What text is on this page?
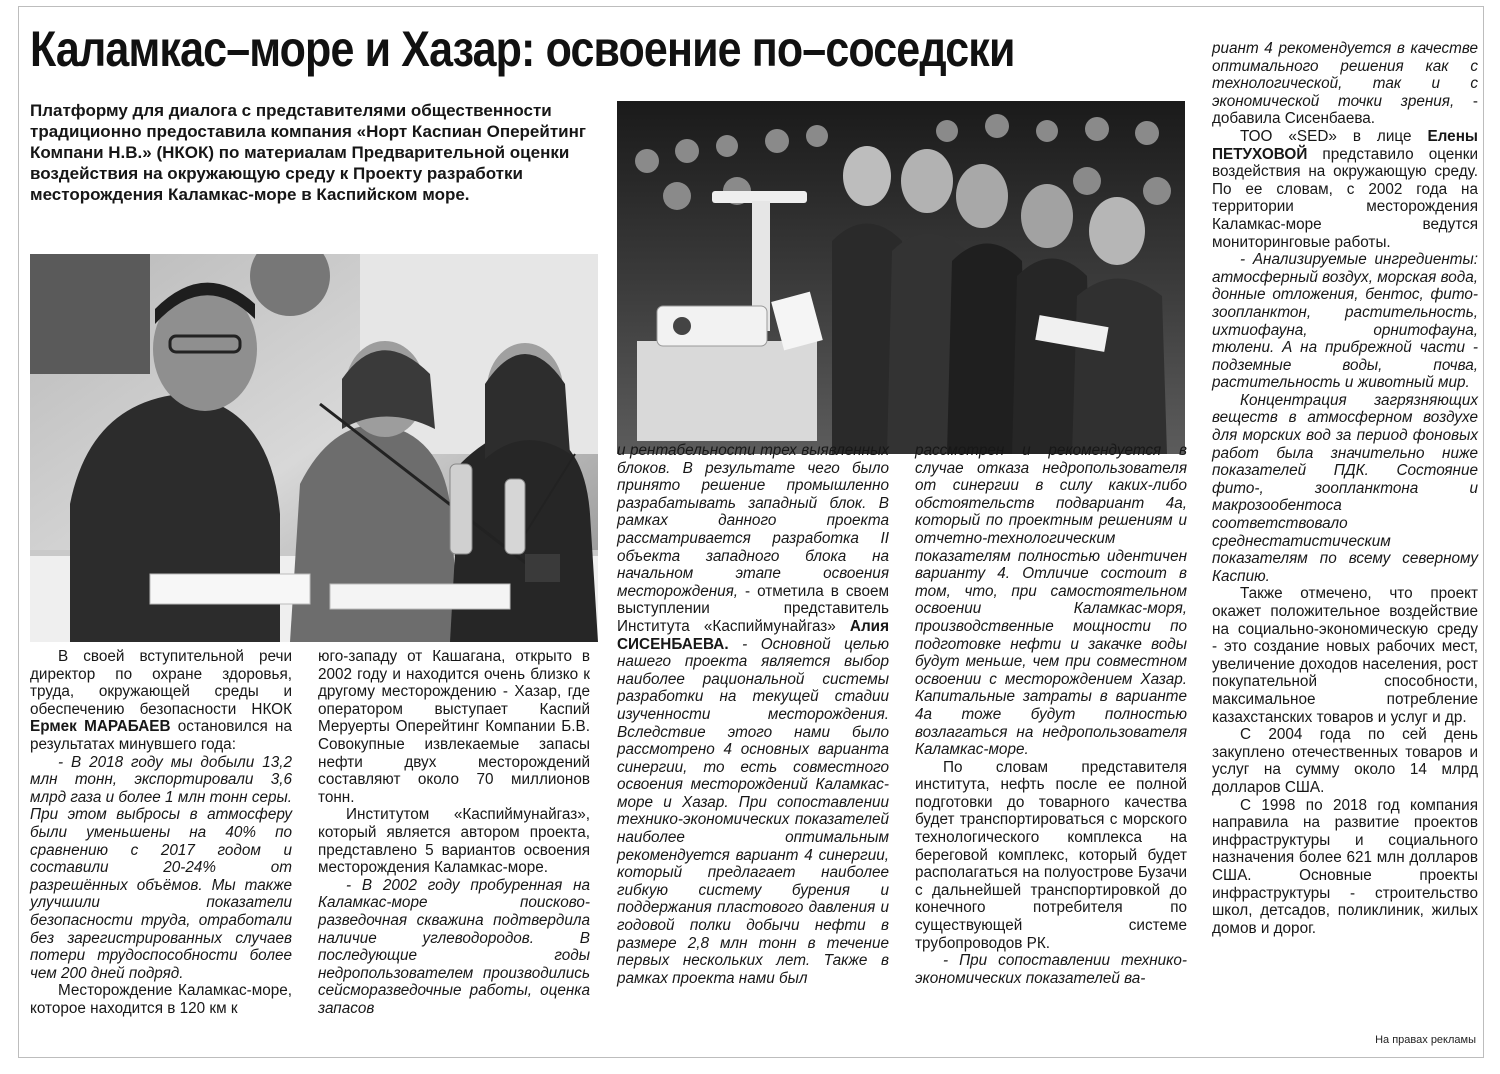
Каламкас–море и Хазар: освоение по–соседски
Платформу для диалога с представителями общественности традиционно предоставила компания «Норт Каспиан Оперейтинг Компани Н.В.» (НКОК) по материалам Предварительной оценки воздействия на окружающую среду к Проекту разработки месторождения Каламкас-море в Каспийском море.

В своей вступительной речи директор по охране здоровья, труда, окружающей среды и обеспечению безопасности НКОК Ермек МАРАБАЕВ остановился на результатах минувшего года:

- В 2018 году мы добыли 13,2 млн тонн, экспортировали 3,6 млрд газа и более 1 млн тонн серы. При этом выбросы в атмосферу были уменьшены на 40% по сравнению с 2017 годом и составили 20-24% от разрешённых объёмов. Мы также улучшили показатели безопасности труда, отработали без зарегистрированных случаев потери трудоспособности более чем 200 дней подряд.

Месторождение Каламкас-море, которое находится в 120 км к

юго-западу от Кашагана, открыто в 2002 году и находится очень близко к другому месторождению - Хазар, где оператором выступает Каспий Меруерты Оперейтинг Компании Б.В. Совокупные извлекаемые запасы нефти двух месторождений составляют около 70 миллионов тонн.

Институтом «Каспиймунайгаз», который является автором проекта, представлено 5 вариантов освоения месторождения Каламкас-море.

- В 2002 году пробуренная на Каламкас-море поисково-разведочная скважина подтвердила наличие углеводородов. В последующие годы недропользователем производились сейсморазведочные работы, оценка запасов

и рентабельности трех выявленных блоков. В результате чего было принято решение промышленно разрабатывать западный блок. В рамках данного проекта рассматривается разработка II объекта западного блока на начальном этапе освоения месторождения, - отметила в своем выступлении представитель Института «Каспиймунайгаз» Алия СИСЕНБАЕВА. - Основной целью нашего проекта является выбор наиболее рациональной системы разработки на текущей стадии изученности месторождения. Вследствие этого нами было рассмотрено 4 основных варианта синергии, то есть совместного освоения месторождений Каламкас-море и Хазар. При сопоставлении технико-экономических показателей наиболее оптимальным рекомендуется вариант 4 синергии, который предлагает наиболее гибкую систему бурения и поддержания пластового давления и годовой полки добычи нефти в размере 2,8 млн тонн в течение первых нескольких лет. Также в рамках проекта нами был

рассмотрен и рекомендуется в случае отказа недропользователя от синергии в силу каких-либо обстоятельств подвариант 4а, который по проектным решениям и отчетно-технологическим показателям полностью идентичен варианту 4. Отличие состоит в том, что, при самостоятельном освоении Каламкас-моря, производственные мощности по подготовке нефти и закачке воды будут меньше, чем при совместном освоении с месторождением Хазар. Капитальные затраты в варианте 4а тоже будут полностью возлагаться на недропользователя Каламкас-море.

По словам представителя института, нефть после ее полной подготовки до товарного качества будет транспортироваться с морского технологического комплекса на береговой комплекс, который будет располагаться на полуострове Бузачи с дальнейшей транспортировкой до конечного потребителя по существующей системе трубопроводов РК.

- При сопоставлении технико-экономических показателей ва-

риант 4 рекомендуется в качестве оптимального решения как с технологической, так и с экономической точки зрения, - добавила Сисенбаева.

ТОО «SED» в лице Елены ПЕТУХОВОЙ представило оценки воздействия на окружающую среду. По ее словам, с 2002 года на территории месторождения Каламкас-море ведутся мониторинговые работы.

- Анализируемые ингредиенты: атмосферный воздух, морская вода, донные отложения, бентос, фито-зоопланктон, растительность, ихтиофауна, орнитофауна, тюлени. А на прибрежной части - подземные воды, почва, растительность и животный мир.

Концентрация загрязняющих веществ в атмосферном воздухе для морских вод за период фоновых работ была значительно ниже показателей ПДК. Состояние фито-, зоопланктона и макрозообентоса соответствовало среднестатистическим показателям по всему северному Каспию.

Также отмечено, что проект окажет положительное воздействие на социально-экономическую среду - это создание новых рабочих мест, увеличение доходов населения, рост покупательной способности, максимальное потребление казахстанских товаров и услуг и др.

С 2004 года по сей день закуплено отечественных товаров и услуг на сумму около 14 млрд долларов США.

С 1998 по 2018 год компания направила на развитие проектов инфраструктуры и социального назначения более 621 млн долларов США. Основные проекты инфраструктуры - строительство школ, детсадов, поликлиник, жилых домов и дорог.

На правах рекламы
